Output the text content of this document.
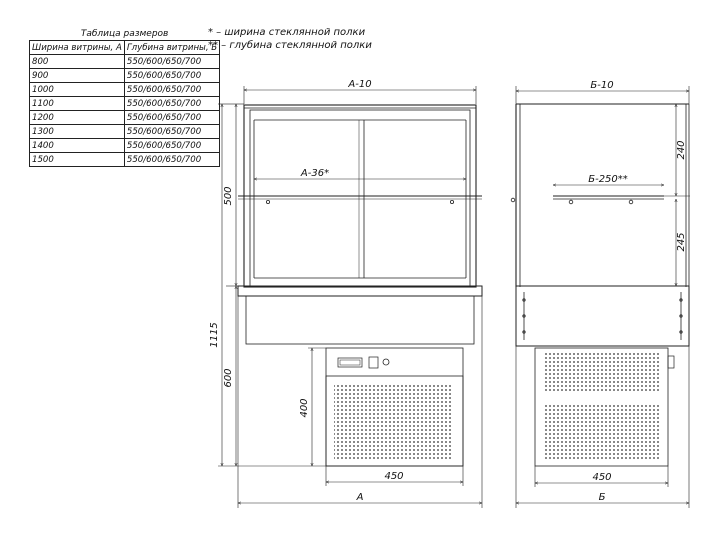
Таблица размеров	
Ширина витрины, А	Глубина витрины, Б
800	550/600/650/700
900	550/600/650/700
1000	550/600/650/700
1100	550/600/650/700
1200	550/600/650/700
1300	550/600/650/700
1400	550/600/650/700
1500	550/600/650/700
* – ширина стеклянной полки
** – глубина стеклянной полки
А-10
А-36*
500
1115
600
400
450
А
Б-10
240
Б-250**
245
450
Б
